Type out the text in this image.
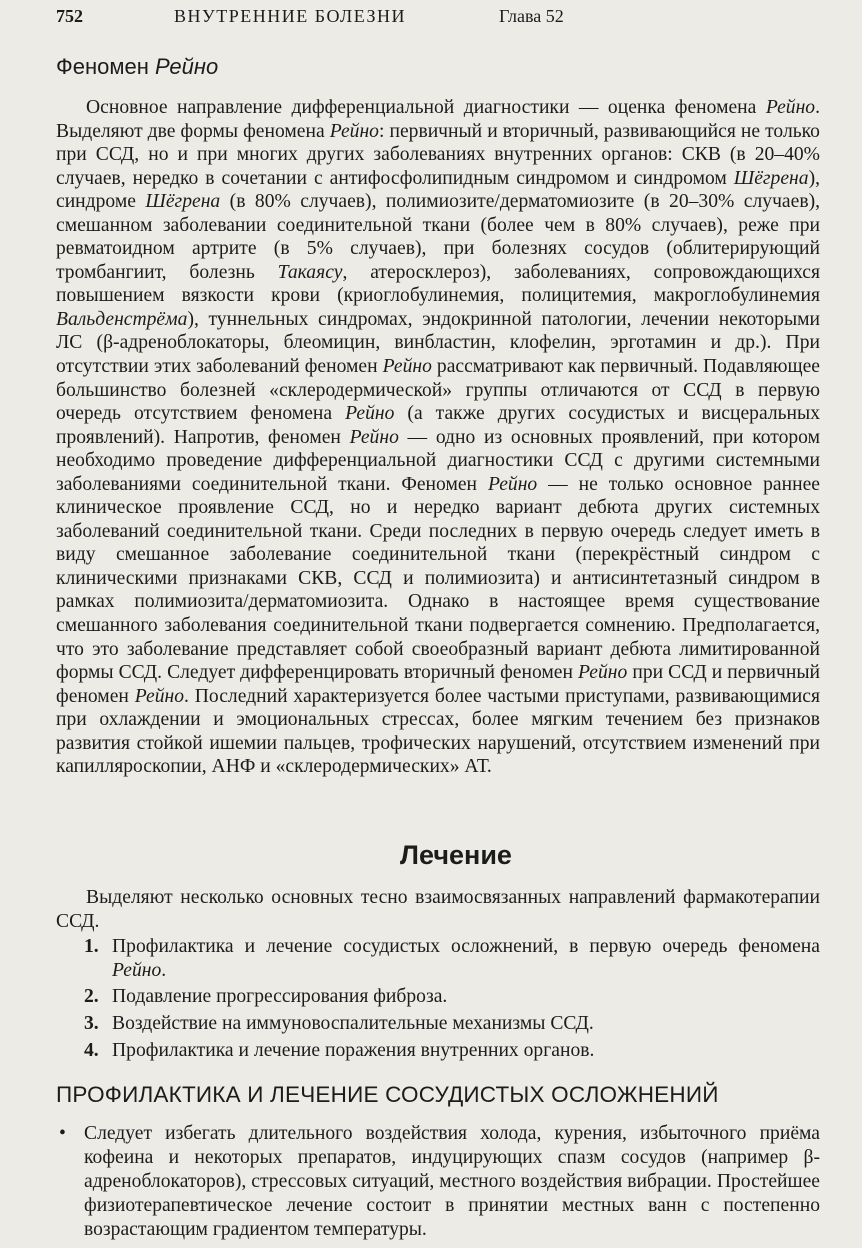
752	ВНУТРЕННИЕ БОЛЕЗНИ	Глава 52
Феномен Рейно
Основное направление дифференциальной диагностики — оценка феномена Рейно. Выделяют две формы феномена Рейно: первичный и вторичный, развивающийся не только при ССД, но и при многих других заболеваниях внутренних органов: СКВ (в 20–40% случаев, нередко в сочетании с антифосфолипидным синдромом и синдромом Шёгрена), синдроме Шёгрена (в 80% случаев), полимиозите/дерматомиозите (в 20–30% случаев), смешанном заболевании соединительной ткани (более чем в 80% случаев), реже при ревматоидном артрите (в 5% случаев), при болезнях сосудов (облитерирующий тромбангиит, болезнь Такаясу, атеросклероз), заболеваниях, сопровождающихся повышением вязкости крови (криоглобулинемия, полицитемия, макроглобулинемия Вальденстрёма), туннельных синдромах, эндокринной патологии, лечении некоторыми ЛС (β-адреноблокаторы, блеомицин, винбластин, клофелин, эрготамин и др.). При отсутствии этих заболеваний феномен Рейно рассматривают как первичный. Подавляющее большинство болезней «склеродермической» группы отличаются от ССД в первую очередь отсутствием феномена Рейно (а также других сосудистых и висцеральных проявлений). Напротив, феномен Рейно — одно из основных проявлений, при котором необходимо проведение дифференциальной диагностики ССД с другими системными заболеваниями соединительной ткани. Феномен Рейно — не только основное раннее клиническое проявление ССД, но и нередко вариант дебюта других системных заболеваний соединительной ткани. Среди последних в первую очередь следует иметь в виду смешанное заболевание соединительной ткани (перекрёстный синдром с клиническими признаками СКВ, ССД и полимиозита) и антисинтетазный синдром в рамках полимиозита/дерматомиозита. Однако в настоящее время существование смешанного заболевания соединительной ткани подвергается сомнению. Предполагается, что это заболевание представляет собой своеобразный вариант дебюта лимитированной формы ССД. Следует дифференцировать вторичный феномен Рейно при ССД и первичный феномен Рейно. Последний характеризуется более частыми приступами, развивающимися при охлаждении и эмоциональных стрессах, более мягким течением без признаков развития стойкой ишемии пальцев, трофических нарушений, отсутствием изменений при капилляроскопии, АНФ и «склеродермических» АТ.
Лечение
Выделяют несколько основных тесно взаимосвязанных направлений фармакотерапии ССД.
1. Профилактика и лечение сосудистых осложнений, в первую очередь феномена Рейно.
2. Подавление прогрессирования фиброза.
3. Воздействие на иммуновоспалительные механизмы ССД.
4. Профилактика и лечение поражения внутренних органов.
ПРОФИЛАКТИКА И ЛЕЧЕНИЕ СОСУДИСТЫХ ОСЛОЖНЕНИЙ
• Следует избегать длительного воздействия холода, курения, избыточного приёма кофеина и некоторых препаратов, индуцирующих спазм сосудов (например β-адреноблокаторов), стрессовых ситуаций, местного воздействия вибрации. Простейшее физиотерапевтическое лечение состоит в принятии местных ванн с постепенно возрастающим градиентом температуры.
